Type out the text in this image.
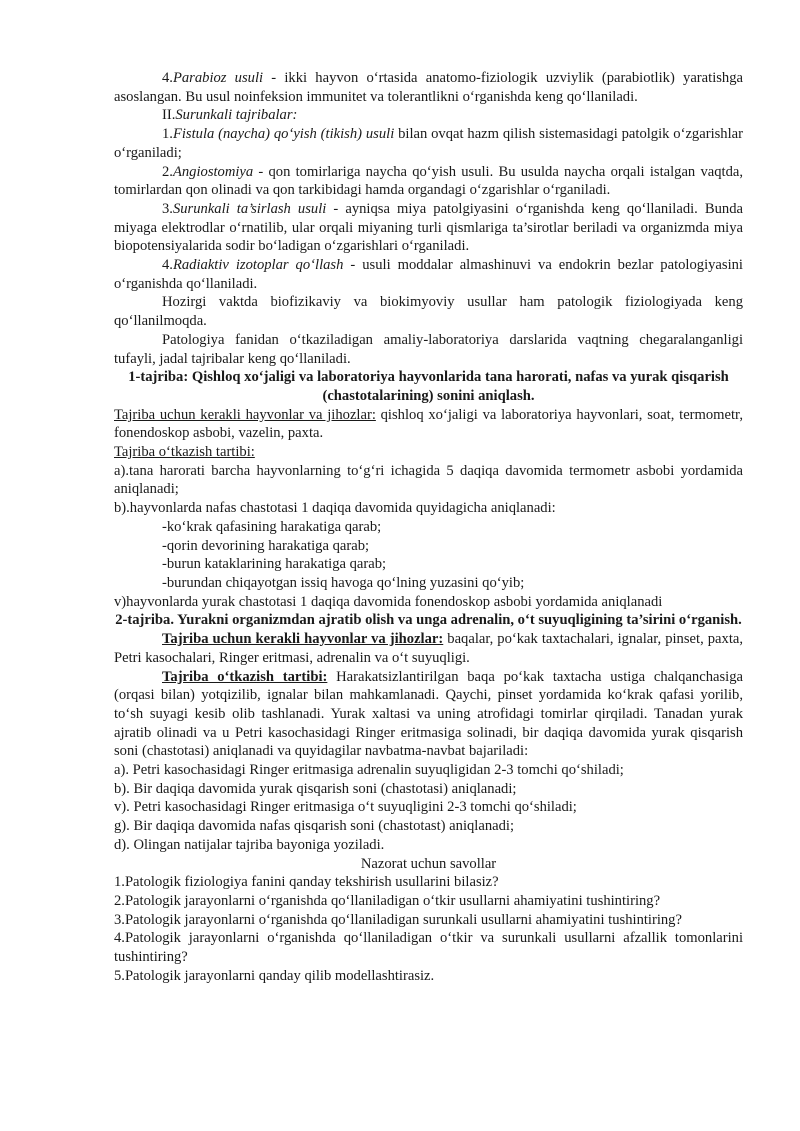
4.Parabioz usuli - ikki hayvon o‘rtasida anatomo-fiziologik uzviylik (parabiotlik) yaratishga asoslangan. Bu usul noinfeksion immunitet va tolerantlikni o‘rganishda keng qo‘llaniladi.

II.Surunkali tajribalar:

1.Fistula (naycha) qo‘yish (tikish) usuli bilan ovqat hazm qilish sistemasidagi patolgik o‘zgarishlar o‘rganiladi;

2.Angiostomiya - qon tomirlariga naycha qo‘yish usuli. Bu usulda naycha orqali istalgan vaqtda, tomirlardan qon olinadi va qon tarkibidagi hamda organdagi o‘zgarishlar o‘rganiladi.

3.Surunkali ta’sirlash usuli - ayniqsa miya patolgiyasini o‘rganishda keng qo‘llaniladi. Bunda miyaga elektrodlar o‘rnatilib, ular orqali miyaning turli qismlariga ta’sirotlar beriladi va organizmda miya biopotensiyalarida sodir bo‘ladigan o‘zgarishlari o‘rganiladi.

4.Radiaktiv izotoplar qo‘llash - usuli moddalar almashinuvi va endokrin bezlar patologiyasini o‘rganishda qo‘llaniladi.

Hozirgi vaktda biofizikaviy va biokimyoviy usullar ham patologik fiziologiyada keng qo‘llanilmoqda.

Patologiya fanidan o‘tkaziladigan amaliy-laboratoriya darslarida vaqtning chegaralanganligi tufayli, jadal tajribalar keng qo‘llaniladi.

1-tajriba: Qishloq xo‘jaligi va laboratoriya hayvonlarida tana harorati, nafas va yurak qisqarish (chastotalarining) sonini aniqlash.

Tajriba uchun kerakli hayvonlar va jihozlar: qishloq xo‘jaligi va laboratoriya hayvonlari, soat, termometr, fonendoskop asbobi, vazelin, paxta.

Tajriba o‘tkazish tartibi:

a).tana harorati barcha hayvonlarning to‘g‘ri ichagida 5 daqiqa davomida termometr asbobi yordamida aniqlanadi;

b).hayvonlarda nafas chastotasi 1 daqiqa davomida quyidagicha aniqlanadi:

-ko‘krak qafasining harakatiga qarab;

-qorin devorining harakatiga qarab;

-burun kataklarining harakatiga qarab;

-burundan chiqayotgan issiq havoga qo‘lning yuzasini qo‘yib;

v)hayvonlarda yurak chastotasi 1 daqiqa davomida fonendoskop asbobi yordamida aniqlanadi

2-tajriba. Yurakni organizmdan ajratib olish va unga adrenalin, o‘t suyuqligining ta’sirini o‘rganish.

Tajriba uchun kerakli hayvonlar va jihozlar: baqalar, po‘kak taxtachalari, ignalar, pinset, paxta, Petri kasochalari, Ringer eritmasi, adrenalin va o‘t suyuqligi.

Tajriba o‘tkazish tartibi: Harakatsizlantirilgan baqa po‘kak taxtacha ustiga chalqanchasiga (orqasi bilan) yotqizilib, ignalar bilan mahkamlanadi. Qaychi, pinset yordamida ko‘krak qafasi yorilib, to‘sh suyagi kesib olib tashlanadi. Yurak xaltasi va uning atrofidagi tomirlar qirqiladi. Tanadan yurak ajratib olinadi va u Petri kasochasidagi Ringer eritmasiga solinadi, bir daqiqa davomida yurak qisqarish soni (chastotasi) aniqlanadi va quyidagilar navbatma-navbat bajariladi:

a). Petri kasochasidagi Ringer eritmasiga adrenalin suyuqligidan 2-3 tomchi qo‘shiladi;

b). Bir daqiqa davomida yurak qisqarish soni (chastotasi) aniqlanadi;

v). Petri kasochasidagi Ringer eritmasiga o‘t suyuqligini 2-3 tomchi qo‘shiladi;

g). Bir daqiqa davomida nafas qisqarish soni (chastotast) aniqlanadi;

d). Olingan natijalar tajriba bayoniga yoziladi.

Nazorat uchun savollar

1.Patologik fiziologiya fanini qanday tekshirish usullarini bilasiz?

2.Patologik jarayonlarni o‘rganishda qo‘llaniladigan o‘tkir usullarni ahamiyatini tushintiring?

3.Patologik jarayonlarni o‘rganishda qo‘llaniladigan surunkali usullarni ahamiyatini tushintiring?

4.Patologik jarayonlarni o‘rganishda qo‘llaniladigan o‘tkir va surunkali usullarni afzallik tomonlarini tushintiring?

5.Patologik jarayonlarni qanday qilib modellashtirasiz.
